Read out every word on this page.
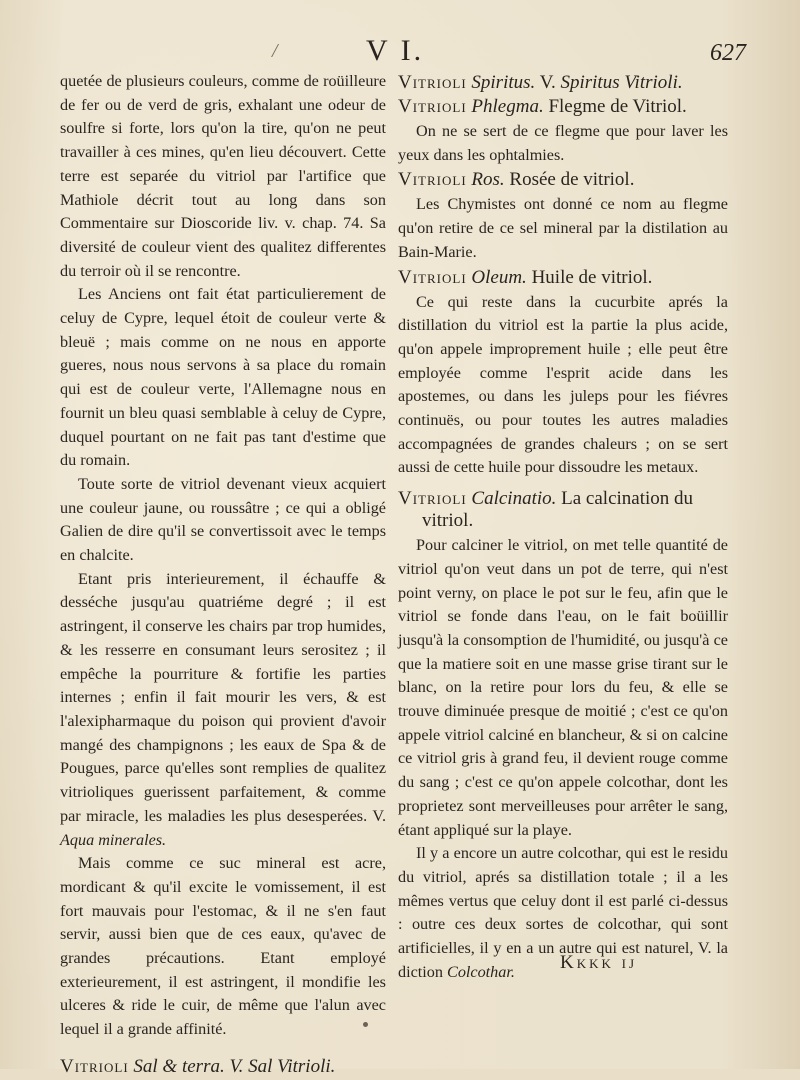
/	V I.	627

quetée de plusieurs couleurs, comme de roüilleure de fer ou de verd de gris, exhalant une odeur de soulfre si forte, lors qu'on la tire, qu'on ne peut travailler à ces mines, qu'en lieu découvert. Cette terre est separée du vitriol par l'artifice que Mathiole décrit tout au long dans son Commentaire sur Dioscoride liv. v. chap. 74. Sa diversité de couleur vient des qualitez differentes du terroir où il se rencontre.

Les Anciens ont fait état particulierement de celuy de Cypre, lequel étoit de couleur verte & bleuë ; mais comme on ne nous en apporte gueres, nous nous servons à sa place du romain qui est de couleur verte, l'Allemagne nous en fournit un bleu quasi semblable à celuy de Cypre, duquel pourtant on ne fait pas tant d'estime que du romain.

Toute sorte de vitriol devenant vieux acquiert une couleur jaune, ou roussâtre ; ce qui a obligé Galien de dire qu'il se convertissoit avec le temps en chalcite.

Etant pris interieurement, il échauffe & desséche jusqu'au quatriéme degré ; il est astringent, il conserve les chairs par trop humides, & les resserre en consumant leurs serositez ; il empêche la pourriture & fortifie les parties internes ; enfin il fait mourir les vers, & est l'alexipharmaque du poison qui provient d'avoir mangé des champignons ; les eaux de Spa & de Pougues, parce qu'elles sont remplies de qualitez vitrioliques guerissent parfaitement, & comme par miracle, les maladies les plus desesperées. V. Aqua minerales.

Mais comme ce suc mineral est acre, mordicant & qu'il excite le vomissement, il est fort mauvais pour l'estomac, & il ne s'en faut servir, aussi bien que de ces eaux, qu'avec de grandes précautions. Etant employé exterieurement, il est astringent, il mondifie les ulceres & ride le cuir, de même que l'alun avec lequel il a grande affinité.

Vitrioli Sal & terra. V. Sal Vitrioli.

Vitrioli Spiritus. V. Spiritus Vitrioli.

Vitrioli Phlegma. Flegme de Vitriol.

On ne se sert de ce flegme que pour laver les yeux dans les ophtalmies.

Vitrioli Ros. Rosée de vitriol.

Les Chymistes ont donné ce nom au flegme qu'on retire de ce sel mineral par la distilation au Bain-Marie.

Vitrioli Oleum. Huile de vitriol.

Ce qui reste dans la cucurbite aprés la distillation du vitriol est la partie la plus acide, qu'on appele improprement huile ; elle peut être employée comme l'esprit acide dans les apostemes, ou dans les juleps pour les fiévres continuës, ou pour toutes les autres maladies accompagnées de grandes chaleurs ; on se sert aussi de cette huile pour dissoudre les metaux.

Vitrioli Calcinatio. La calcination du vitriol.

Pour calciner le vitriol, on met telle quantité de vitriol qu'on veut dans un pot de terre, qui n'est point verny, on place le pot sur le feu, afin que le vitriol se fonde dans l'eau, on le fait boüillir jusqu'à la consomption de l'humidité, ou jusqu'à ce que la matiere soit en une masse grise tirant sur le blanc, on la retire pour lors du feu, & elle se trouve diminuée presque de moitié ; c'est ce qu'on appele vitriol calciné en blancheur, & si on calcine ce vitriol gris à grand feu, il devient rouge comme du sang ; c'est ce qu'on appele colcothar, dont les proprietez sont merveilleuses pour arrêter le sang, étant appliqué sur la playe.

Il y a encore un autre colcothar, qui est le residu du vitriol, aprés sa distillation totale ; il a les mêmes vertus que celuy dont il est parlé ci-dessus : outre ces deux sortes de colcothar, qui sont artificielles, il y en a un autre qui est naturel, V. la diction Colcothar.	Kkkk ij
